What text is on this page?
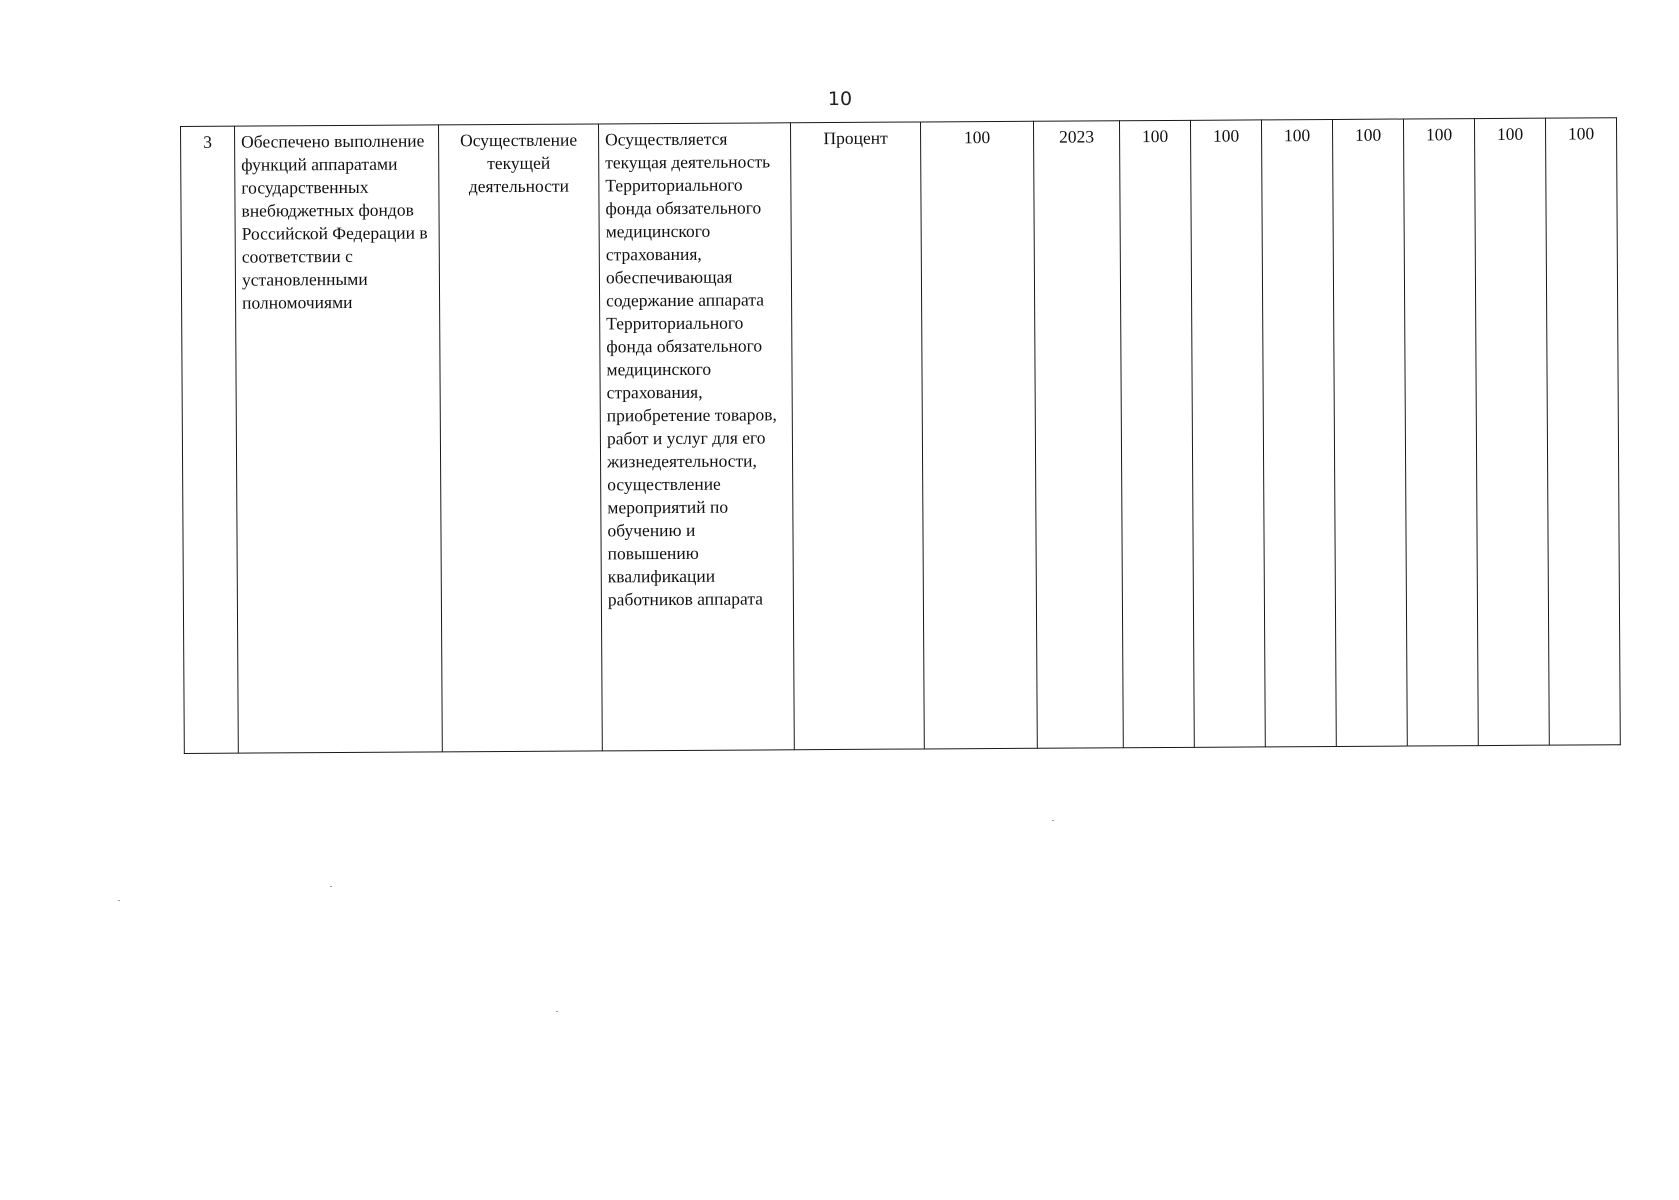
10
3	Обеспечено выполнение функций аппаратами государственных внебюджетных фондов Российской Федерации в соответствии с установленными полномочиями	Осуществление текущей деятельности	Осуществляется текущая деятельность Территориального фонда обязательного медицинского страхования, обеспечивающая содержание аппарата Территориального фонда обязательного медицинского страхования, приобретение товаров, работ и услуг для его жизнедеятельности, осуществление мероприятий по обучению и повышению квалификации работников аппарата	Процент	100	2023	100	100	100	100	100	100	100
